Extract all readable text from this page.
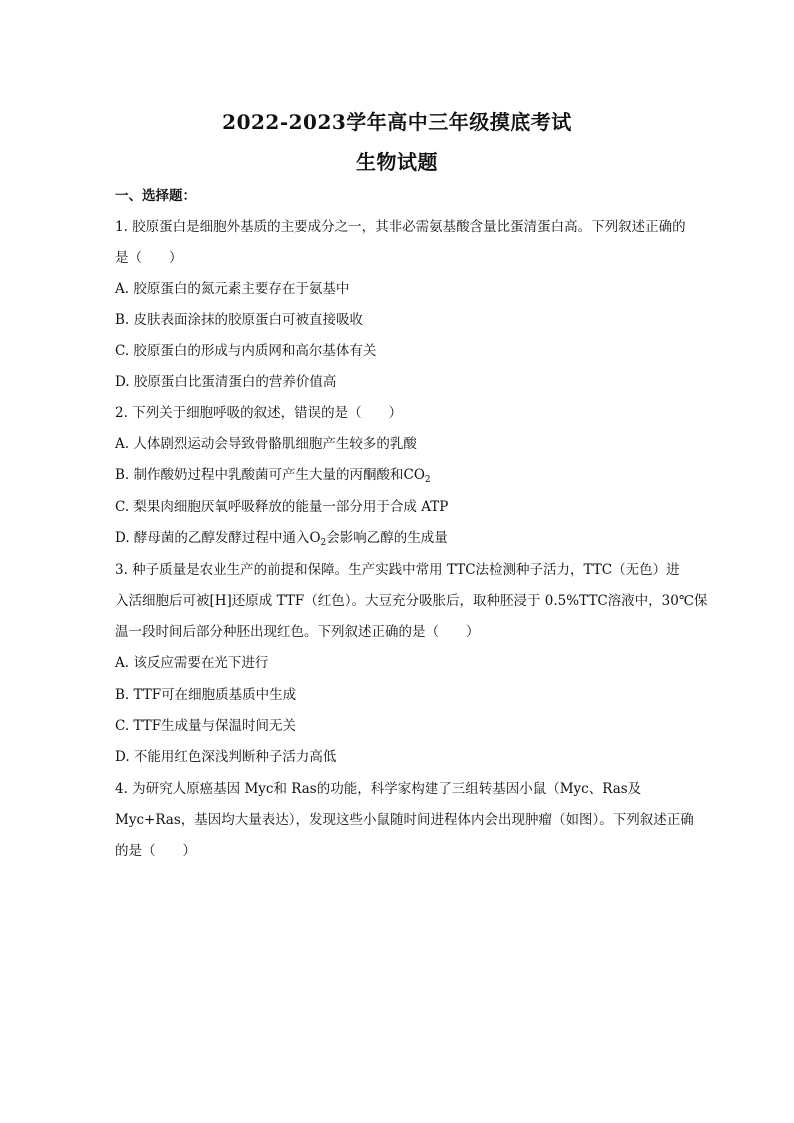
2022-2023学年高中三年级摸底考试
生物试题
一、选择题：
1. 胶原蛋白是细胞外基质的主要成分之一，其非必需氨基酸含量比蛋清蛋白高。下列叙述正确的
是（　　）
A. 胶原蛋白的氮元素主要存在于氨基中
B. 皮肤表面涂抹的胶原蛋白可被直接吸收
C. 胶原蛋白的形成与内质网和高尔基体有关
D. 胶原蛋白比蛋清蛋白的营养价值高
2. 下列关于细胞呼吸的叙述，错误的是（　　）
A. 人体剧烈运动会导致骨骼肌细胞产生较多的乳酸
B. 制作酸奶过程中乳酸菌可产生大量的丙酮酸和$CO_2$
C. 梨果肉细胞厌氧呼吸释放的能量一部分用于合成 ATP
D. 酵母菌的乙醇发酵过程中通入$O_2$会影响乙醇的生成量
3. 种子质量是农业生产的前提和保障。生产实践中常用 TTC法检测种子活力，TTC（无色）进
入活细胞后可被[H]还原成 TTF（红色）。大豆充分吸胀后，取种胚浸于 0.5%TTC溶液中，30℃保
温一段时间后部分种胚出现红色。下列叙述正确的是（　　）
A. 该反应需要在光下进行
B. TTF可在细胞质基质中生成
C. TTF生成量与保温时间无关
D. 不能用红色深浅判断种子活力高低
4. 为研究人原癌基因 Myc和 Ras的功能，科学家构建了三组转基因小鼠（Myc、Ras及
Myc+Ras，基因均大量表达），发现这些小鼠随时间进程体内会出现肿瘤（如图）。下列叙述正确
的是（　　）
